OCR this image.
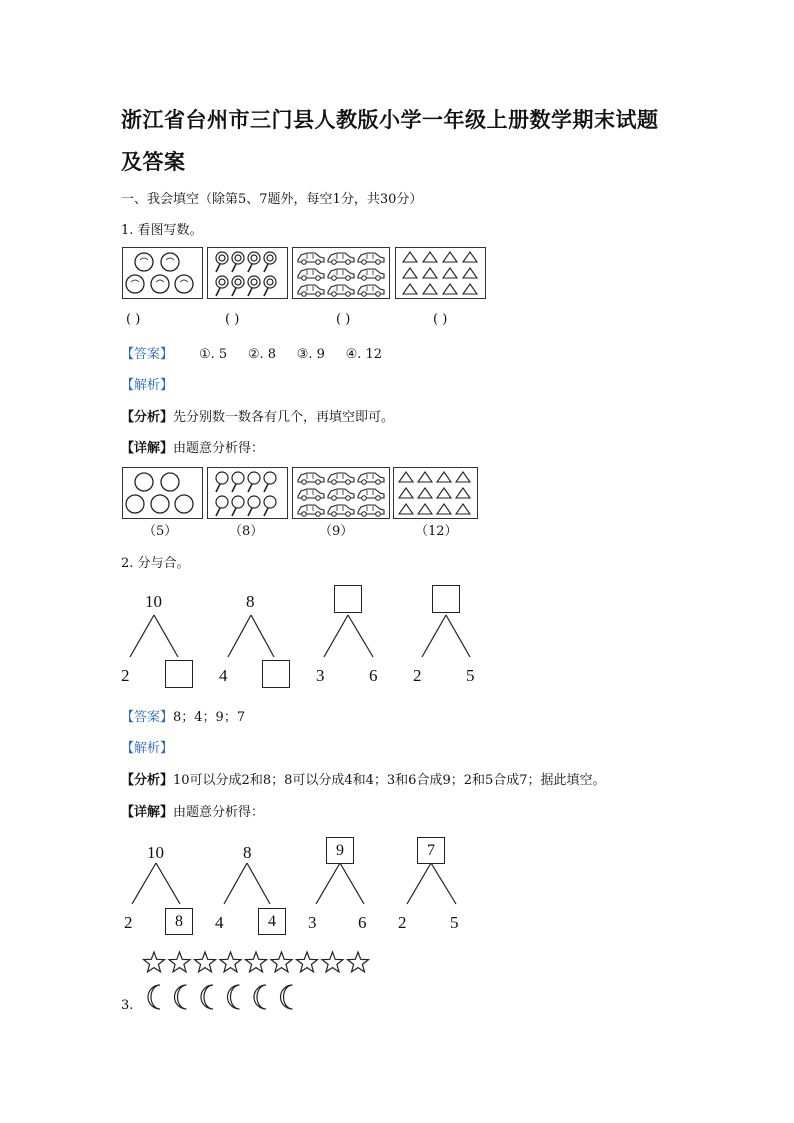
浙江省台州市三门县人教版小学一年级上册数学期末试题
及答案
一、我会填空（除第5、7题外，每空1分，共30分）
1. 看图写数。
( )	( )	( )	( )
【答案】 ①. 5     ②. 8     ③. 9     ④. 12
【解析】
【分析】先分别数一数各有几个，再填空即可。
【详解】由题意分析得：
（5）	（8）	（9）	（12）
2. 分与合。
10
2
8
4	3	6 2	5
【答案】8；4；9；7
【解析】
【分析】10可以分成2和8；8可以分成4和4；3和6合成9；2和5合成7；据此填空。
【详解】由题意分析得：
10
2	8
8
4	4
9
3 6
7
2	5
3.
